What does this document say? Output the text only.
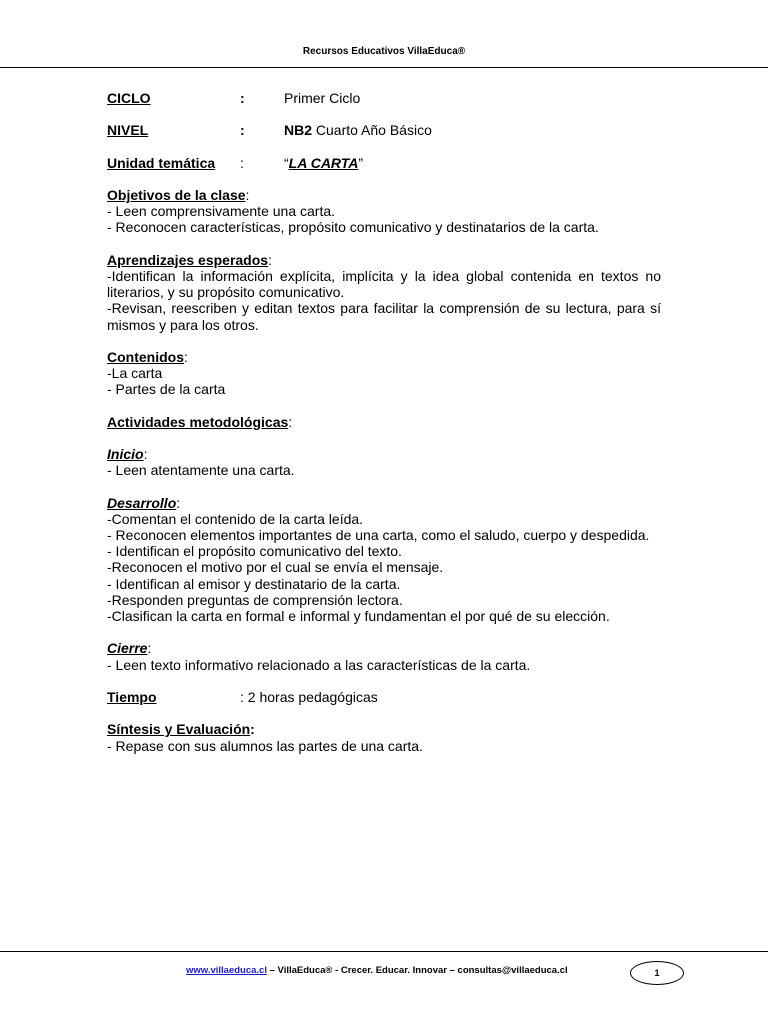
Recursos Educativos VillaEduca®
CICLO	:	Primer Ciclo
NIVEL	:	NB2 Cuarto Año Básico
Unidad temática	:	“LA CARTA”
Objetivos de la clase:
- Leen comprensivamente una carta.
- Reconocen características, propósito comunicativo y destinatarios de la carta.
Aprendizajes esperados:
-Identifican la información explícita, implícita y la idea global contenida en textos no literarios, y su propósito comunicativo.
-Revisan, reescriben y editan textos para facilitar la comprensión de su lectura, para sí mismos y para los otros.
Contenidos:
-La carta
- Partes de la carta
Actividades metodológicas:
Inicio:
- Leen atentamente una carta.
Desarrollo:
-Comentan el contenido de la carta leída.
- Reconocen elementos importantes de una carta, como el saludo, cuerpo y despedida.
- Identifican el propósito comunicativo del texto.
-Reconocen el motivo por el cual se envía el mensaje.
- Identifican al emisor y destinatario de la carta.
-Responden preguntas de comprensión lectora.
-Clasifican la carta en formal e informal y fundamentan el por qué de su elección.
Cierre:
- Leen texto informativo relacionado a las características de la carta.
Tiempo	: 2 horas pedagógicas
Síntesis y Evaluación:
- Repase con sus alumnos las partes de una carta.
www.villaeduca.cl – VillaEduca® - Crecer. Educar. Innovar – consultas@villaeduca.cl	1
